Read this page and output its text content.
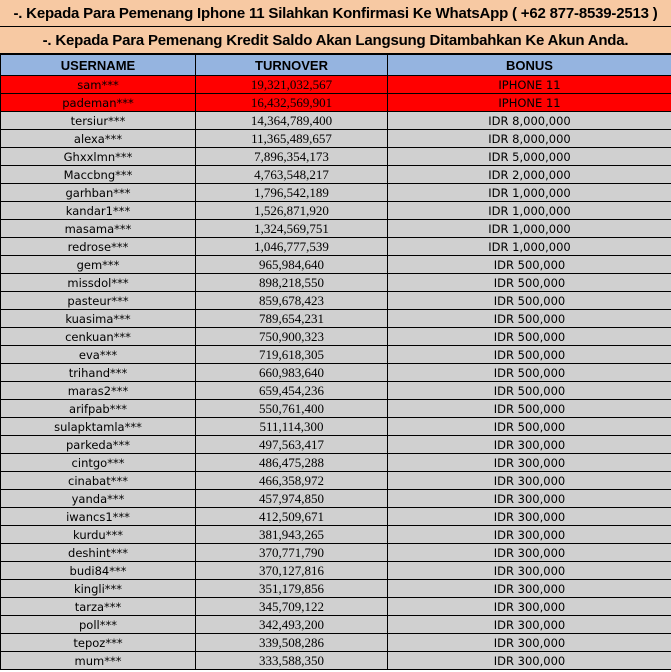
-. Kepada Para Pemenang Iphone 11 Silahkan Konfirmasi Ke WhatsApp ( +62 877-8539-2513 )
-. Kepada Para Pemenang Kredit Saldo Akan Langsung Ditambahkan Ke Akun Anda.
USERNAME	TURNOVER	BONUS
sam***	19,321,032,567	IPHONE 11
pademan***	16,432,569,901	IPHONE 11
tersiur***	14,364,789,400	IDR 8,000,000
alexa***	11,365,489,657	IDR 8,000,000
Ghxxlmn***	7,896,354,173	IDR 5,000,000
Maccbng***	4,763,548,217	IDR 2,000,000
garhban***	1,796,542,189	IDR 1,000,000
kandar1***	1,526,871,920	IDR 1,000,000
masama***	1,324,569,751	IDR 1,000,000
redrose***	1,046,777,539	IDR 1,000,000
gem***	965,984,640	IDR 500,000
missdol***	898,218,550	IDR 500,000
pasteur***	859,678,423	IDR 500,000
kuasima***	789,654,231	IDR 500,000
cenkuan***	750,900,323	IDR 500,000
eva***	719,618,305	IDR 500,000
trihand***	660,983,640	IDR 500,000
maras2***	659,454,236	IDR 500,000
arifpab***	550,761,400	IDR 500,000
sulapktamla***	511,114,300	IDR 500,000
parkeda***	497,563,417	IDR 300,000
cintgo***	486,475,288	IDR 300,000
cinabat***	466,358,972	IDR 300,000
yanda***	457,974,850	IDR 300,000
iwancs1***	412,509,671	IDR 300,000
kurdu***	381,943,265	IDR 300,000
deshint***	370,771,790	IDR 300,000
budi84***	370,127,816	IDR 300,000
kingli***	351,179,856	IDR 300,000
tarza***	345,709,122	IDR 300,000
poll***	342,493,200	IDR 300,000
tepoz***	339,508,286	IDR 300,000
mum***	333,588,350	IDR 300,000
